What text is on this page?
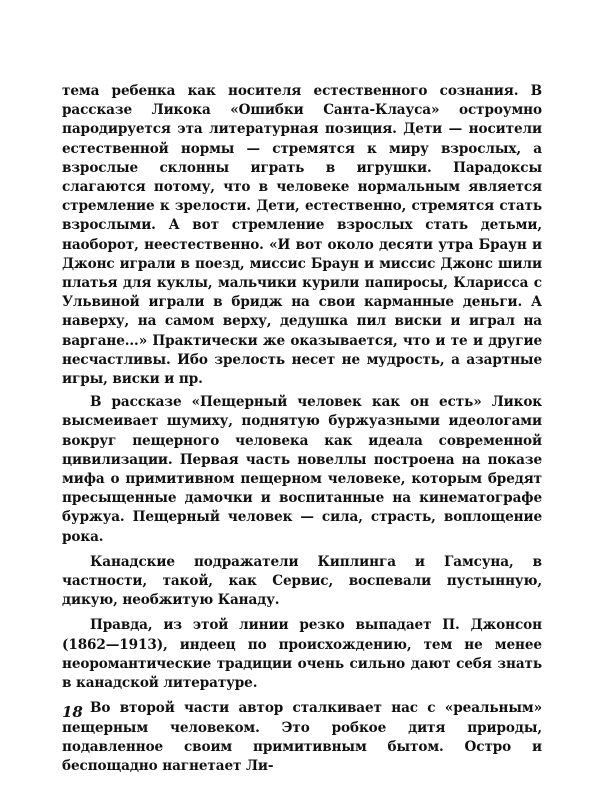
тема ребенка как носителя естественного сознания. В рассказе Ликока «Ошибки Санта-Клауса» остроумно пародируется эта литературная позиция. Дети — носители естественной нормы — стремятся к миру взрослых, а взрослые склонны играть в игрушки. Парадоксы слагаются потому, что в человеке нормальным является стремление к зрелости. Дети, естественно, стремятся стать взрослыми. А вот стремление взрослых стать детьми, наоборот, неестественно. «И вот около десяти утра Браун и Джонс играли в поезд, миссис Браун и миссис Джонс шили платья для куклы, мальчики курили папиросы, Кларисса с Ульвиной играли в бридж на свои карманные деньги. А наверху, на самом верху, дедушка пил виски и играл на варгане...» Практически же оказывается, что и те и другие несчастливы. Ибо зрелость несет не мудрость, а азартные игры, виски и пр.

В рассказе «Пещерный человек как он есть» Ликок высмеивает шумиху, поднятую буржуазными идеологами вокруг пещерного человека как идеала современной цивилизации. Первая часть новеллы построена на показе мифа о примитивном пещерном человеке, которым бредят пресыщенные дамочки и воспитанные на кинематографе буржуа. Пещерный человек — сила, страсть, воплощение рока.

Канадские подражатели Киплинга и Гамсуна, в частности, такой, как Сервис, воспевали пустынную, дикую, необжитую Канаду.

Правда, из этой линии резко выпадает П. Джонсон (1862—1913), индеец по происхождению, тем не менее неоромантические традиции очень сильно дают себя знать в канадской литературе.

Во второй части автор сталкивает нас с «реальным» пещерным человеком. Это робкое дитя природы, подавленное своим примитивным бытом. Остро и беспощадно нагнетает Ли-

18
